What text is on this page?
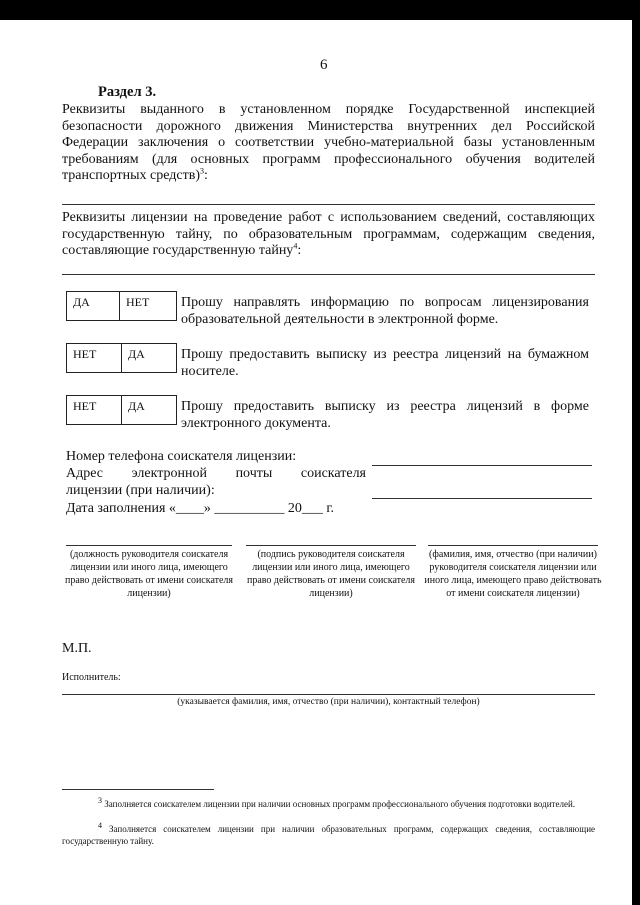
6
Раздел 3.
Реквизиты выданного в установленном порядке Государственной инспекцией безопасности дорожного движения Министерства внутренних дел Российской Федерации заключения о соответствии учебно-материальной базы установленным требованиям (для основных программ профессионального обучения водителей транспортных средств)$^3$:
Реквизиты лицензии на проведение работ с использованием сведений, составляющих государственную тайну, по образовательным программам, содержащим сведения, составляющие государственную тайну$^4$:
ДА	НЕТ	Прошу направлять информацию по вопросам лицензирования образовательной деятельности в электронной форме.
НЕТ	ДА	Прошу предоставить выписку из реестра лицензий на бумажном носителе.
НЕТ	ДА	Прошу предоставить выписку из реестра лицензий в форме электронного документа.
Номер телефона соискателя лицензии:
Адрес электронной почты соискателя
лицензии (при наличии):
Дата заполнения «____» __________ 20___ г.
(должность руководителя соискателя лицензии или иного лица, имеющего право действовать от имени соискателя лицензии)
(подпись руководителя соискателя лицензии или иного лица, имеющего право действовать от имени соискателя лицензии)
(фамилия, имя, отчество (при наличии) руководителя соискателя лицензии или иного лица, имеющего право действовать от имени соискателя лицензии)
М.П.
Исполнитель:
(указывается фамилия, имя, отчество (при наличии), контактный телефон)
$^3$ Заполняется соискателем лицензии при наличии основных программ профессионального обучения подготовки водителей.
$^4$ Заполняется соискателем лицензии при наличии образовательных программ, содержащих сведения, составляющие государственную тайну.
